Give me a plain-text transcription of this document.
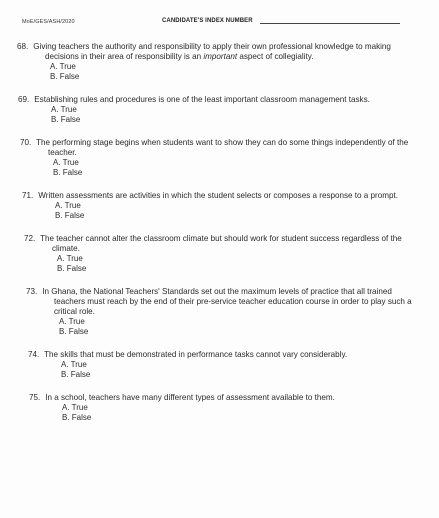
MoE/GES/ASH/2020	CANDIDATE'S INDEX NUMBER
68. Giving teachers the authority and responsibility to apply their own professional knowledge to making decisions in their area of responsibility is an important aspect of collegiality.
A. True
B. False
69. Establishing rules and procedures is one of the least important classroom management tasks.
A. True
B. False
70. The performing stage begins when students want to show they can do some things independently of the teacher.
A. True
B. False
71. Written assessments are activities in which the student selects or composes a response to a prompt.
A. True
B. False
72. The teacher cannot alter the classroom climate but should work for student success regardless of the climate.
A. True
B. False
73. In Ghana, the National Teachers' Standards set out the maximum levels of practice that all trained teachers must reach by the end of their pre-service teacher education course in order to play such a critical role.
A. True
B. False
74. The skills that must be demonstrated in performance tasks cannot vary considerably.
A. True
B. False
75. In a school, teachers have many different types of assessment available to them.
A. True
B. False
